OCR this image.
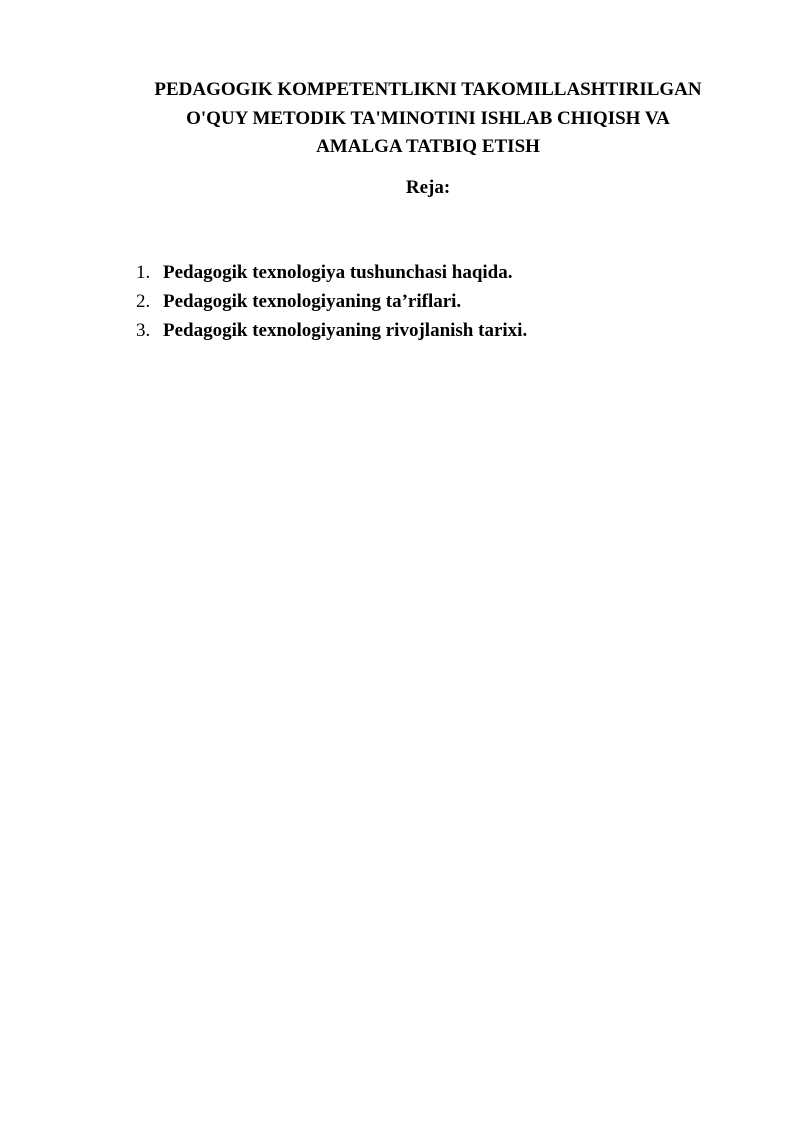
PEDAGOGIK KOMPETENTLIKNI TAKOMILLASHTIRILGAN
O'QUY METODIK TA'MINOTINI ISHLAB CHIQISH VA
AMALGA TATBIQ ETISH
Reja:
1. Pedagogik texnologiya tushunchasi haqida.
2. Pedagogik texnologiyaning ta’riflari.
3. Pedagogik texnologiyaning rivojlanish tarixi.
